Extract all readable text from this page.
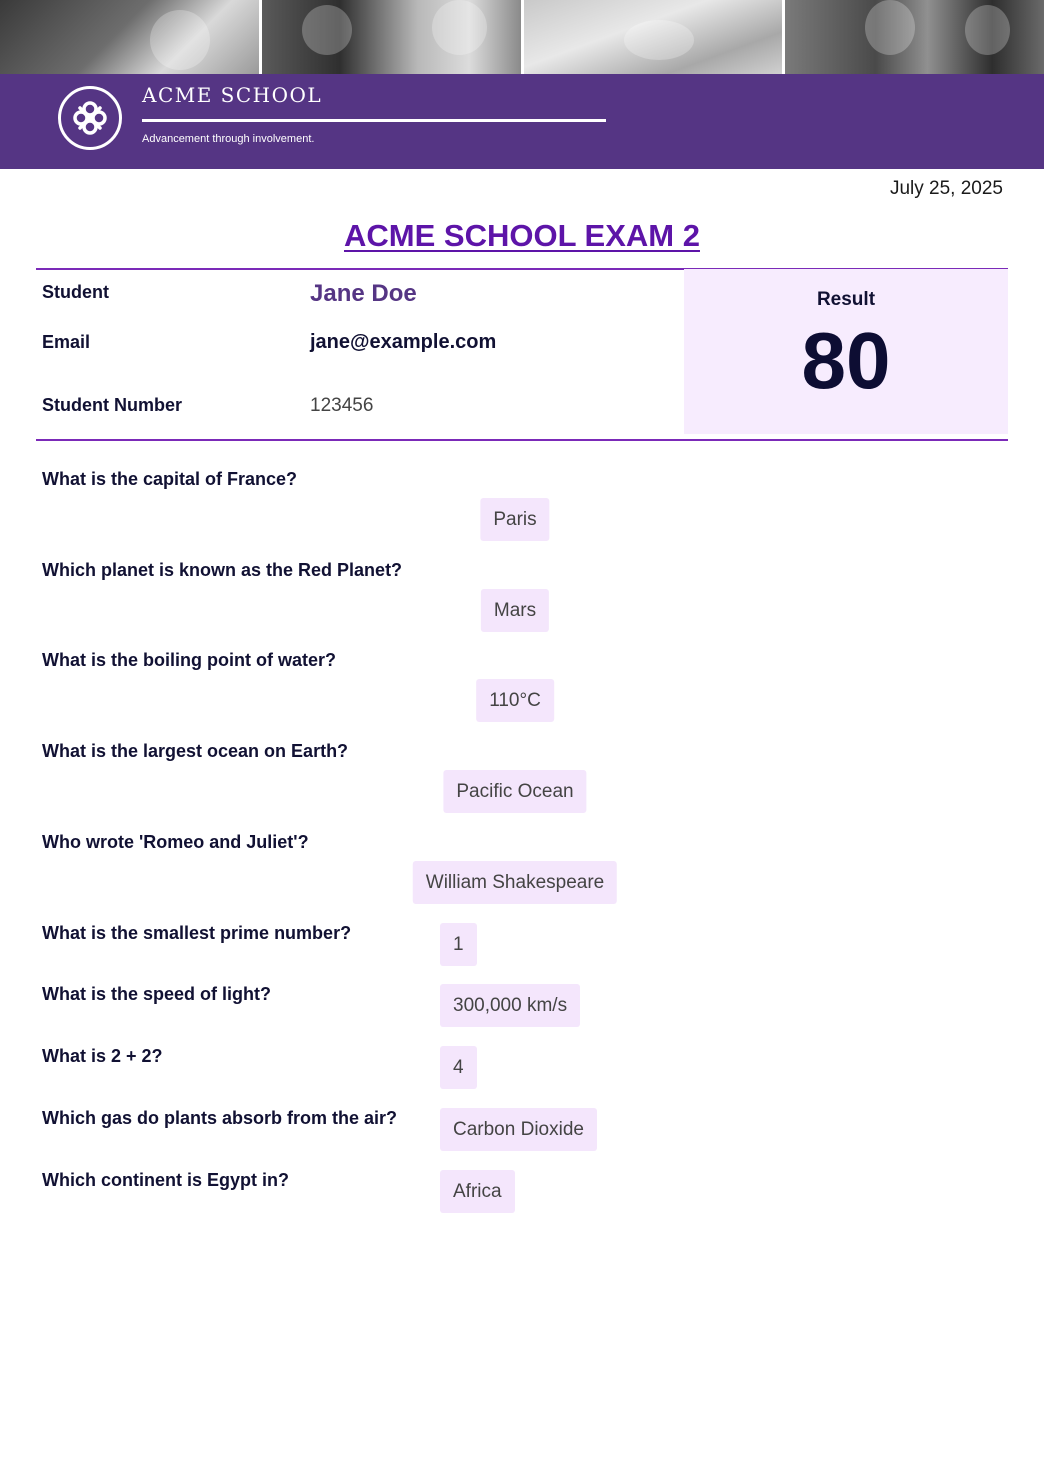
ACME SCHOOL
Advancement through involvement.
July 25, 2025
ACME SCHOOL EXAM 2
Student	Jane Doe
Email	jane@example.com
Student Number	123456
Result
80
What is the capital of France?
Paris
Which planet is known as the Red Planet?
Mars
What is the boiling point of water?
110°C
What is the largest ocean on Earth?
Pacific Ocean
Who wrote 'Romeo and Juliet'?
William Shakespeare
What is the smallest prime number?
1
What is the speed of light?
300,000 km/s
What is 2 + 2?
4
Which gas do plants absorb from the air?
Carbon Dioxide
Which continent is Egypt in?
Africa
